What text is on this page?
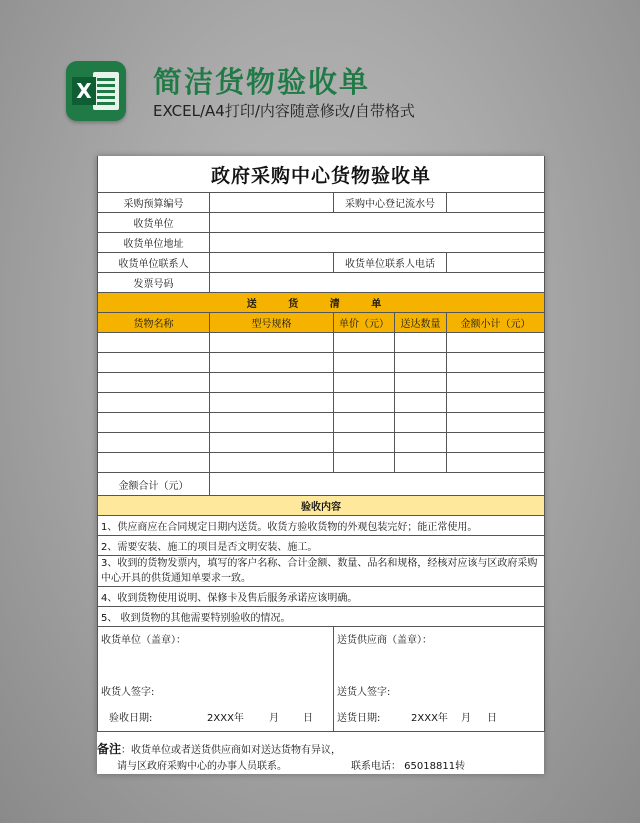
X 简洁货物验收单
EXCEL/A4打印/内容随意修改/自带格式
政府采购中心货物验收单				
采购预算编号		采购中心登记流水号		
收货单位				
收货单位地址				
收货单位联系人		收货单位联系人电话		
发票号码				
送 货 清 单				
货物名称	型号规格	单价（元）	送达数量	金额小计（元）

金额合计（元）				
验收内容				
1、供应商应在合同规定日期内送货。收货方验收货物的外观包装完好；能正常使用。				
2、需要安装、施工的项目是否文明安装、施工。				
3、收到的货物发票内，填写的客户名称、合计金额、数量、品名和规格，经核对应该与区政府采购中心开具的供货通知单要求一致。				
4、收到货物使用说明、保修卡及售后服务承诺应该明确。				
5、 收到货物的其他需要特别验收的情况。				
收货单位（盖章）：		送货供应商（盖章）：		

收货人签字:		送货人签字:		
验收日期: 2XXX年 月 日		送货日期: 2XXX年 月 日		
备注：收货单位或者送货供应商如对送达货物有异议，
请与区政府采购中心的办事人员联系。	联系电话： 65018811转
